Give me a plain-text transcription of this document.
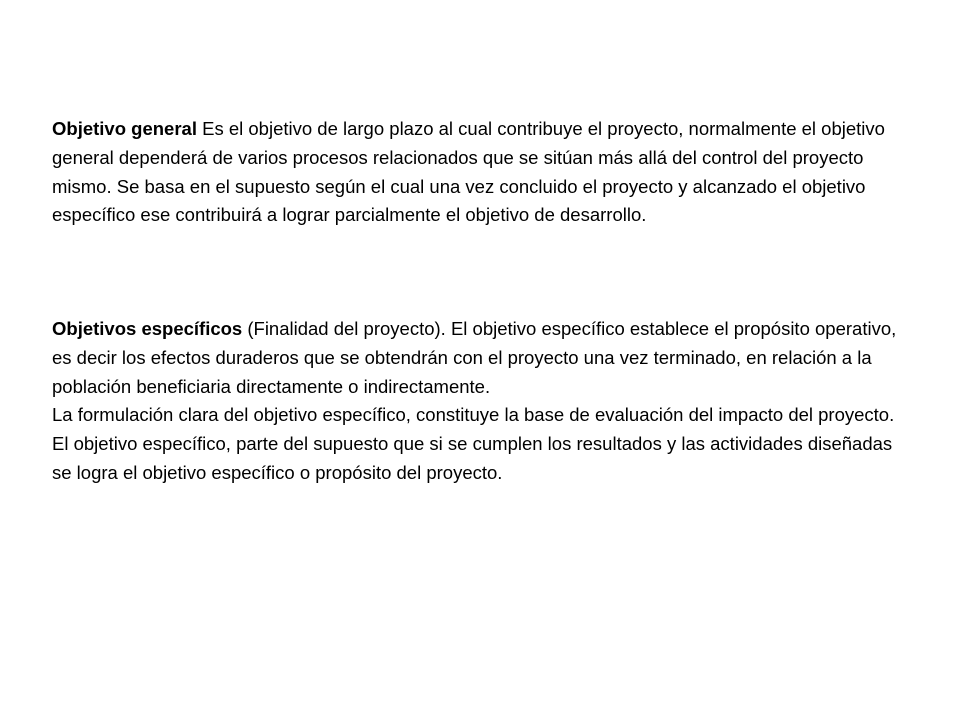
Objetivo general Es el objetivo de largo plazo al cual contribuye el proyecto, normalmente el objetivo general dependerá de varios procesos relacionados que se sitúan más allá del control del proyecto mismo. Se basa en el supuesto según el cual una vez concluido el proyecto y alcanzado el objetivo específico ese contribuirá a lograr parcialmente el objetivo de desarrollo.

Objetivos específicos (Finalidad del proyecto). El objetivo específico establece el propósito operativo, es decir los efectos duraderos que se obtendrán con el proyecto una vez terminado, en relación a la población beneficiaria directamente o indirectamente.

La formulación clara del objetivo específico, constituye la base de evaluación del impacto del proyecto. El objetivo específico, parte del supuesto que si se cumplen los resultados y las actividades diseñadas se logra el objetivo específico o propósito del proyecto.
